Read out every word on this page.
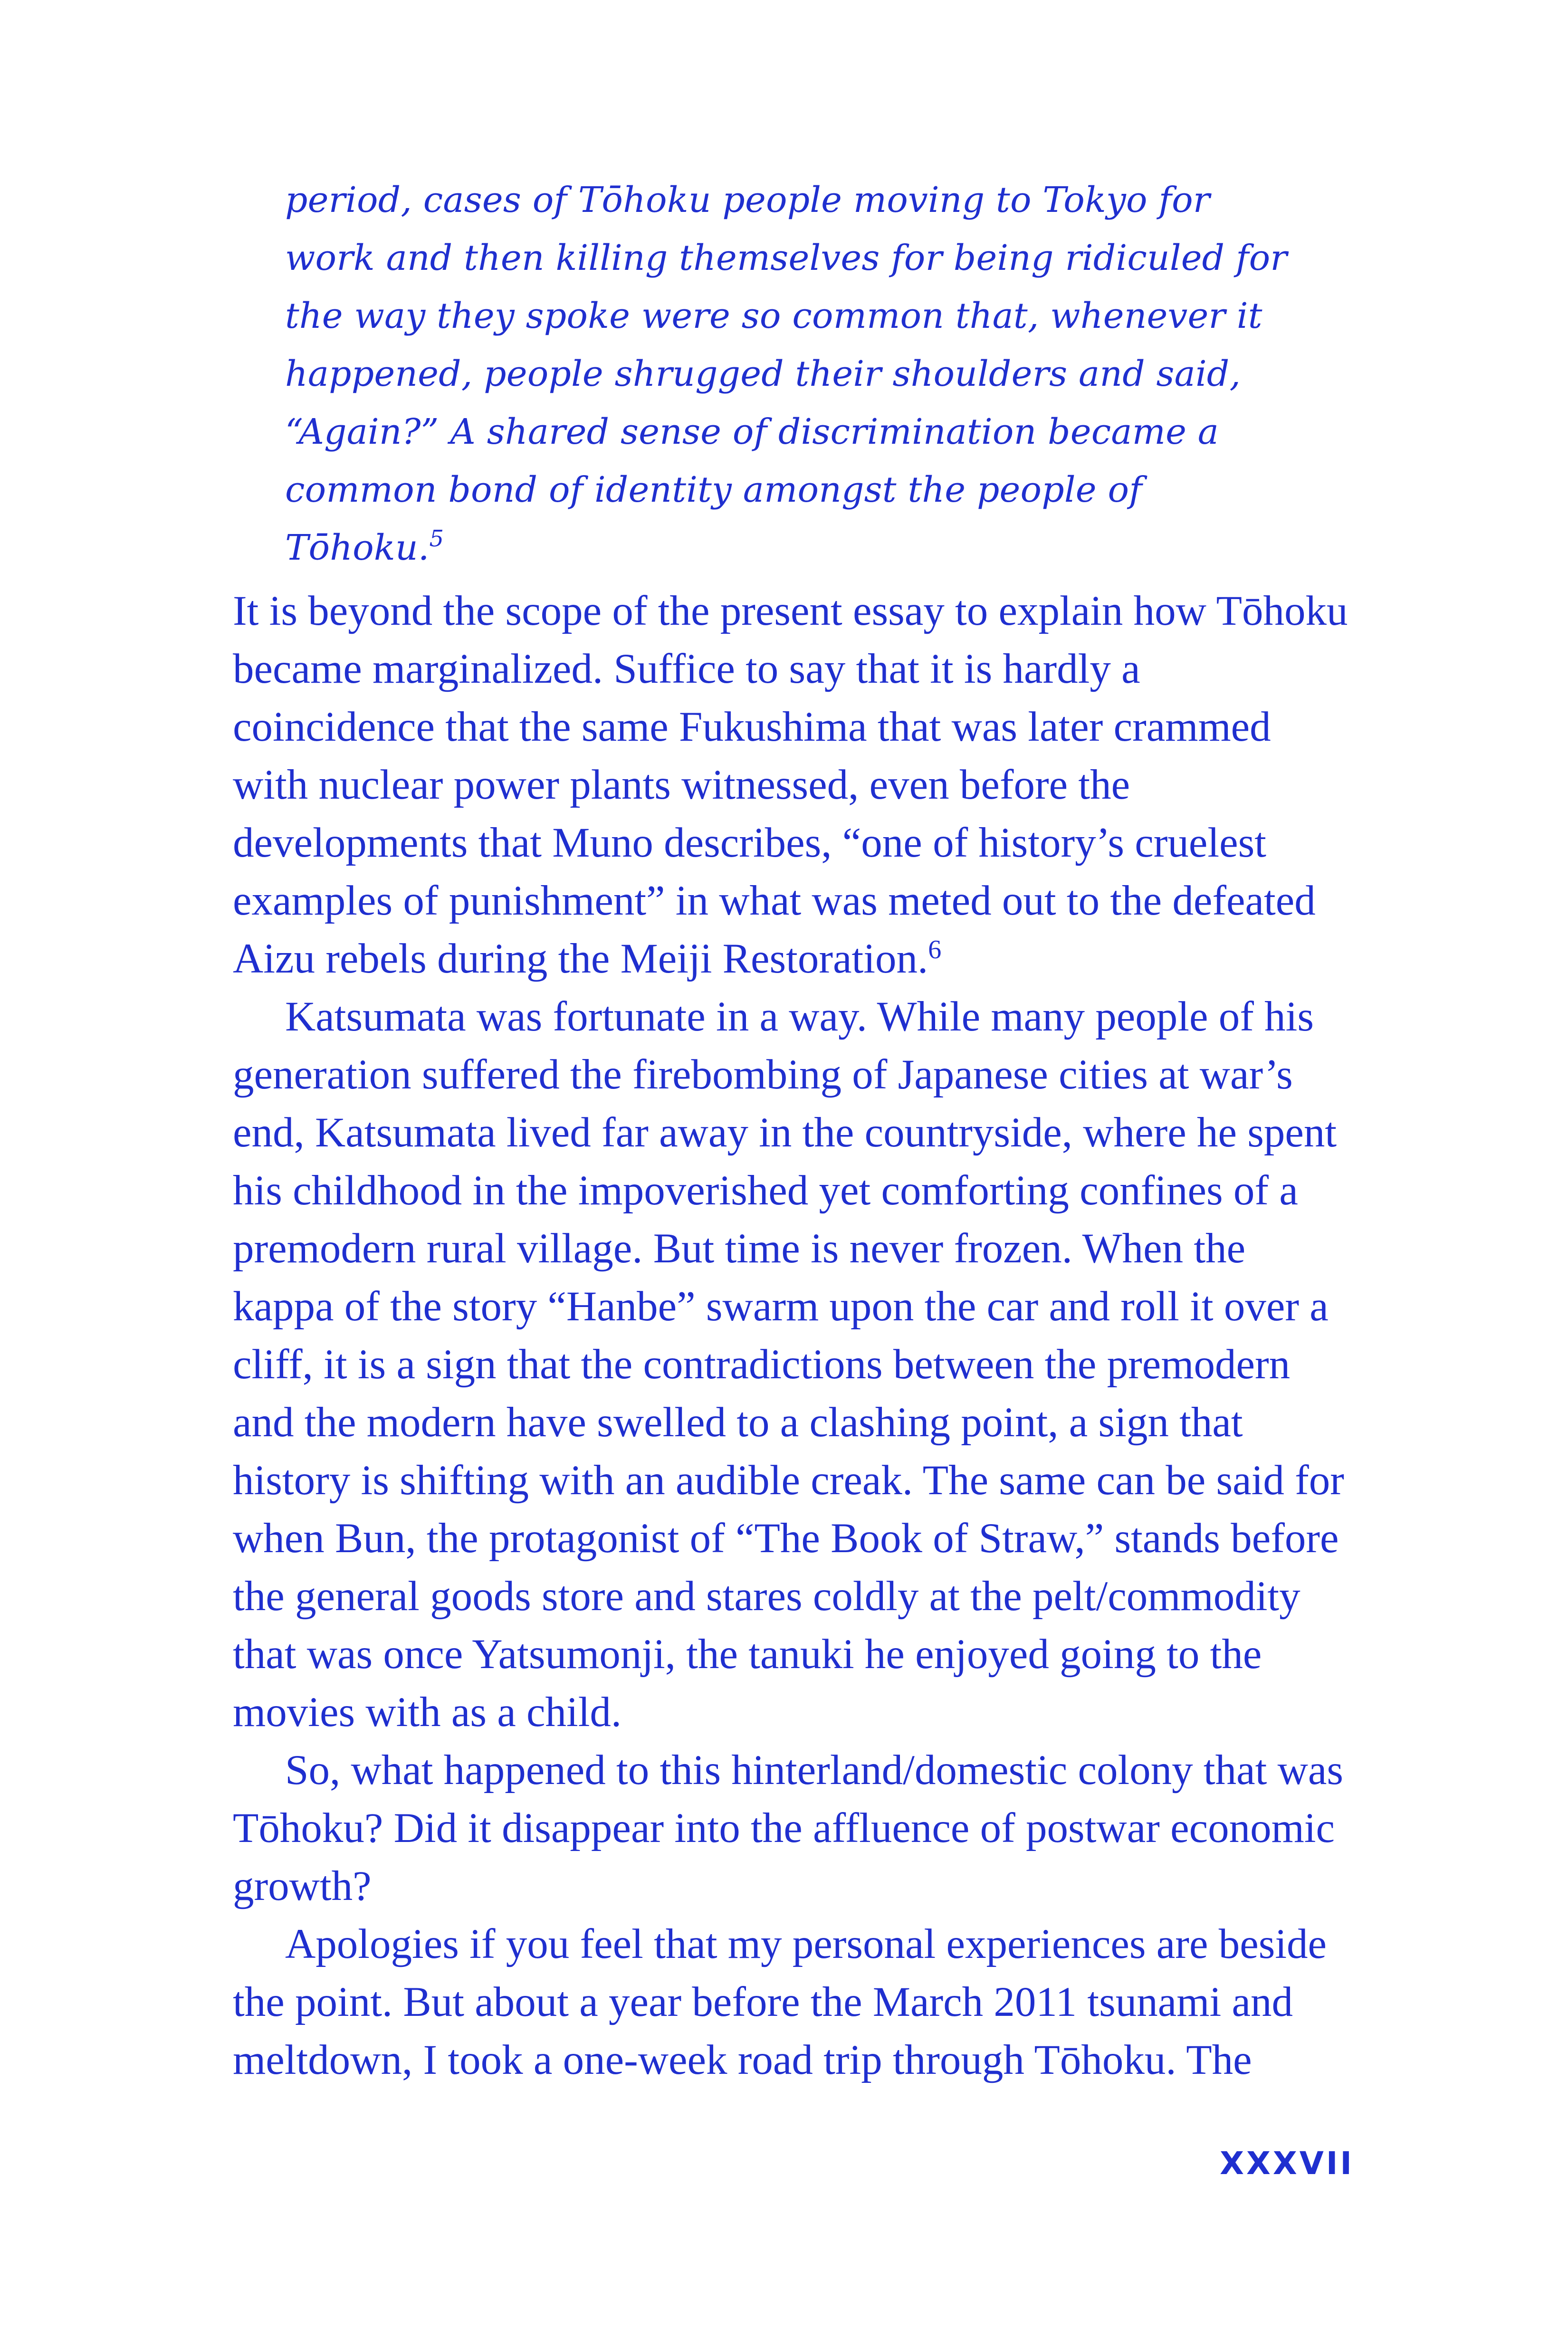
period, cases of Tōhoku people moving to Tokyo for work and then killing themselves for being ridiculed for the way they spoke were so common that, whenever it happened, people shrugged their shoulders and said, “Again?” A shared sense of discrimination became a common bond of identity amongst the people of Tōhoku.$^5$

It is beyond the scope of the present essay to explain how Tōhoku became marginalized. Suffice to say that it is hardly a coincidence that the same Fukushima that was later crammed with nuclear power plants witnessed, even before the developments that Muno describes, “one of history’s cruelest examples of punishment” in what was meted out to the defeated Aizu rebels during the Meiji Restoration.$^6$

Katsumata was fortunate in a way. While many people of his generation suffered the firebombing of Japanese cities at war’s end, Katsumata lived far away in the countryside, where he spent his childhood in the impoverished yet comforting confines of a premodern rural village. But time is never frozen. When the kappa of the story “Hanbe” swarm upon the car and roll it over a cliff, it is a sign that the contradictions between the premodern and the modern have swelled to a clashing point, a sign that history is shifting with an audible creak. The same can be said for when Bun, the protagonist of “The Book of Straw,” stands before the general goods store and stares coldly at the pelt/commodity that was once Yatsumonji, the tanuki he enjoyed going to the movies with as a child.

So, what happened to this hinterland/domestic colony that was Tōhoku? Did it disappear into the affluence of postwar economic growth?

Apologies if you feel that my personal experiences are beside the point. But about a year before the March 2011 tsunami and meltdown, I took a one-week road trip through Tōhoku. The

XXXVII
